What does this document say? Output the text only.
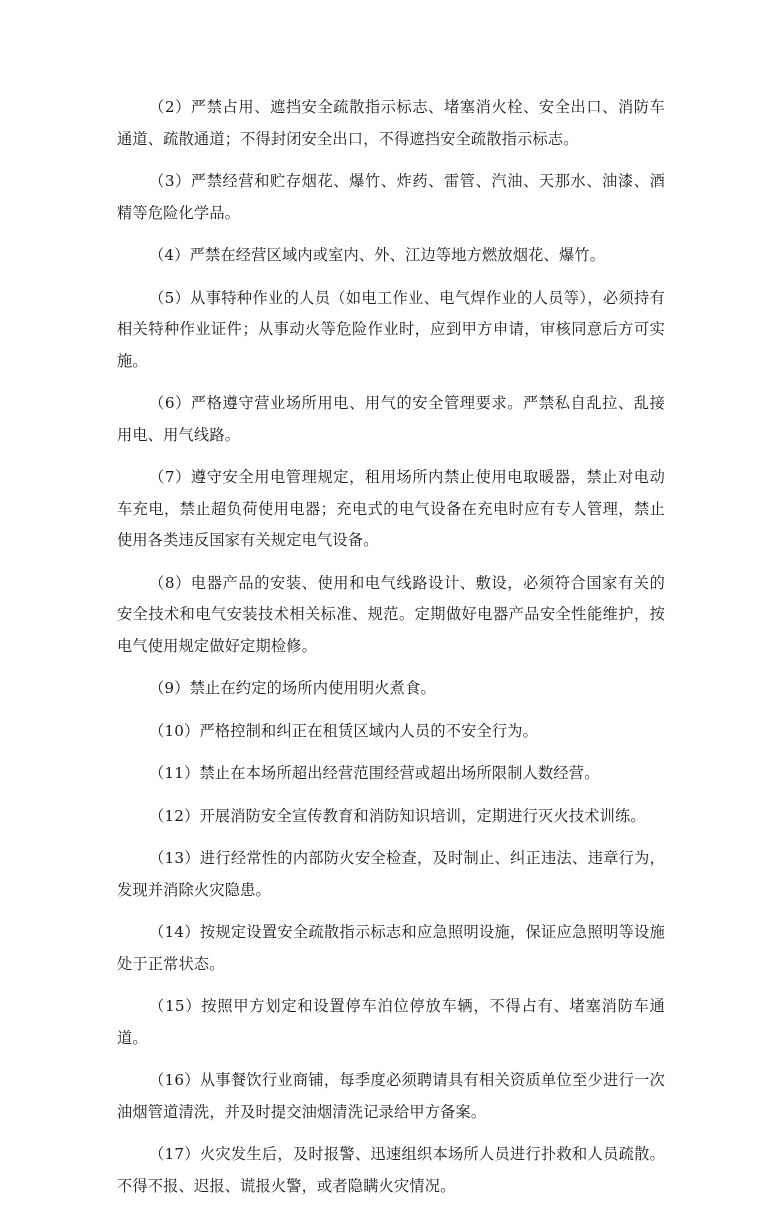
（2）严禁占用、遮挡安全疏散指示标志、堵塞消火栓、安全出口、消防车通道、疏散通道；不得封闭安全出口，不得遮挡安全疏散指示标志。

（3）严禁经营和贮存烟花、爆竹、炸药、雷管、汽油、天那水、油漆、酒精等危险化学品。

（4）严禁在经营区域内或室内、外、江边等地方燃放烟花、爆竹。

（5）从事特种作业的人员（如电工作业、电气焊作业的人员等），必须持有相关特种作业证件；从事动火等危险作业时，应到甲方申请，审核同意后方可实施。

（6）严格遵守营业场所用电、用气的安全管理要求。严禁私自乱拉、乱接用电、用气线路。

（7）遵守安全用电管理规定，租用场所内禁止使用电取暖器，禁止对电动车充电，禁止超负荷使用电器；充电式的电气设备在充电时应有专人管理，禁止使用各类违反国家有关规定电气设备。

（8）电器产品的安装、使用和电气线路设计、敷设，必须符合国家有关的安全技术和电气安装技术相关标准、规范。定期做好电器产品安全性能维护，按电气使用规定做好定期检修。

（9）禁止在约定的场所内使用明火煮食。

（10）严格控制和纠正在租赁区域内人员的不安全行为。

（11）禁止在本场所超出经营范围经营或超出场所限制人数经营。

（12）开展消防安全宣传教育和消防知识培训，定期进行灭火技术训练。

（13）进行经常性的内部防火安全检查，及时制止、纠正违法、违章行为，发现并消除火灾隐患。

（14）按规定设置安全疏散指示标志和应急照明设施，保证应急照明等设施处于正常状态。

（15）按照甲方划定和设置停车泊位停放车辆，不得占有、堵塞消防车通道。

（16）从事餐饮行业商铺，每季度必须聘请具有相关资质单位至少进行一次油烟管道清洗，并及时提交油烟清洗记录给甲方备案。

（17）火灾发生后，及时报警、迅速组织本场所人员进行扑救和人员疏散。不得不报、迟报、谎报火警，或者隐瞒火灾情况。
